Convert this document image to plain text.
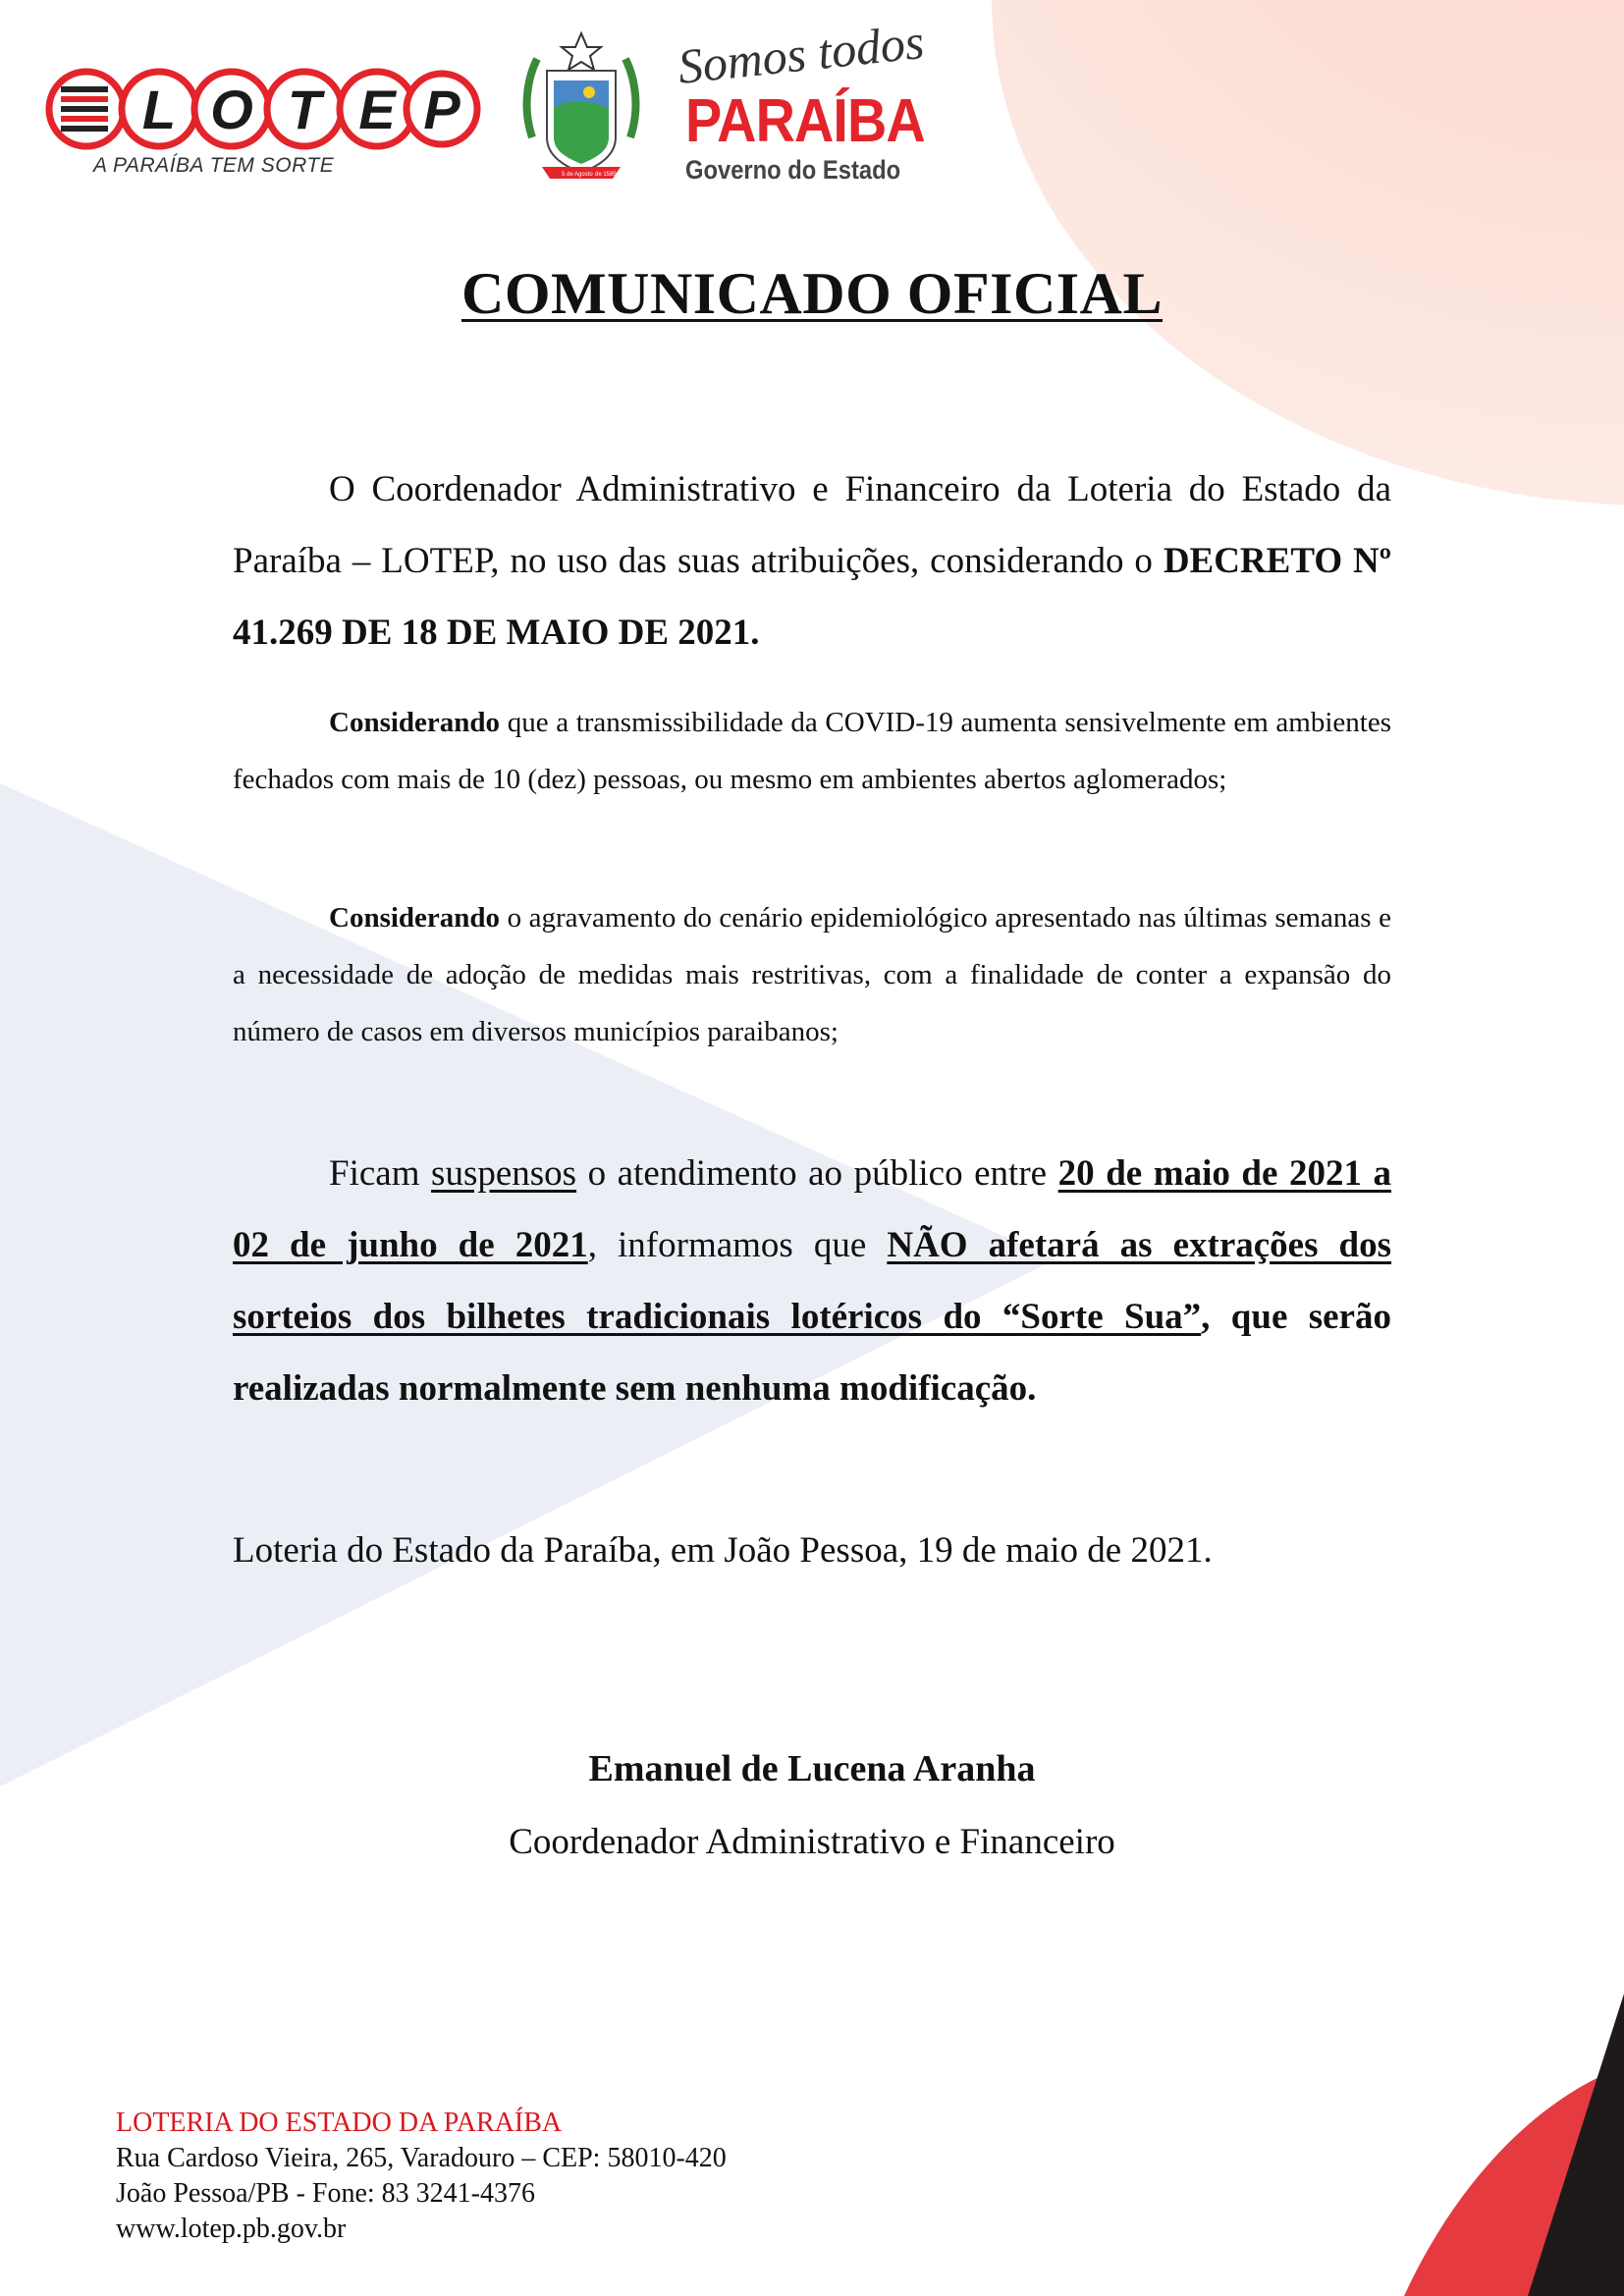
L O T E P
A PARAÍBA TEM SORTE	5 de Agosto de 1585
Somos todos
PARAÍBA
Governo do Estado
COMUNICADO OFICIAL

O Coordenador Administrativo e Financeiro da Loteria do Estado da Paraíba – LOTEP, no uso das suas atribuições, considerando o DECRETO Nº 41.269 DE 18 DE MAIO DE 2021.

Considerando que a transmissibilidade da COVID-19 aumenta sensivelmente em ambientes fechados com mais de 10 (dez) pessoas, ou mesmo em ambientes abertos aglomerados;

Considerando o agravamento do cenário epidemiológico apresentado nas últimas semanas e a necessidade de adoção de medidas mais restritivas, com a finalidade de conter a expansão do número de casos em diversos municípios paraibanos;

Ficam suspensos o atendimento ao público entre 20 de maio de 2021 a 02 de junho de 2021, informamos que NÃO afetará as extrações dos sorteios dos bilhetes tradicionais lotéricos do “Sorte Sua”, que serão realizadas normalmente sem nenhuma modificação.

Loteria do Estado da Paraíba, em João Pessoa, 19 de maio de 2021.
Emanuel de Lucena Aranha
Coordenador Administrativo e Financeiro
LOTERIA DO ESTADO DA PARAÍBA
Rua Cardoso Vieira, 265, Varadouro – CEP: 58010-420
João Pessoa/PB - Fone: 83 3241-4376
www.lotep.pb.gov.br
